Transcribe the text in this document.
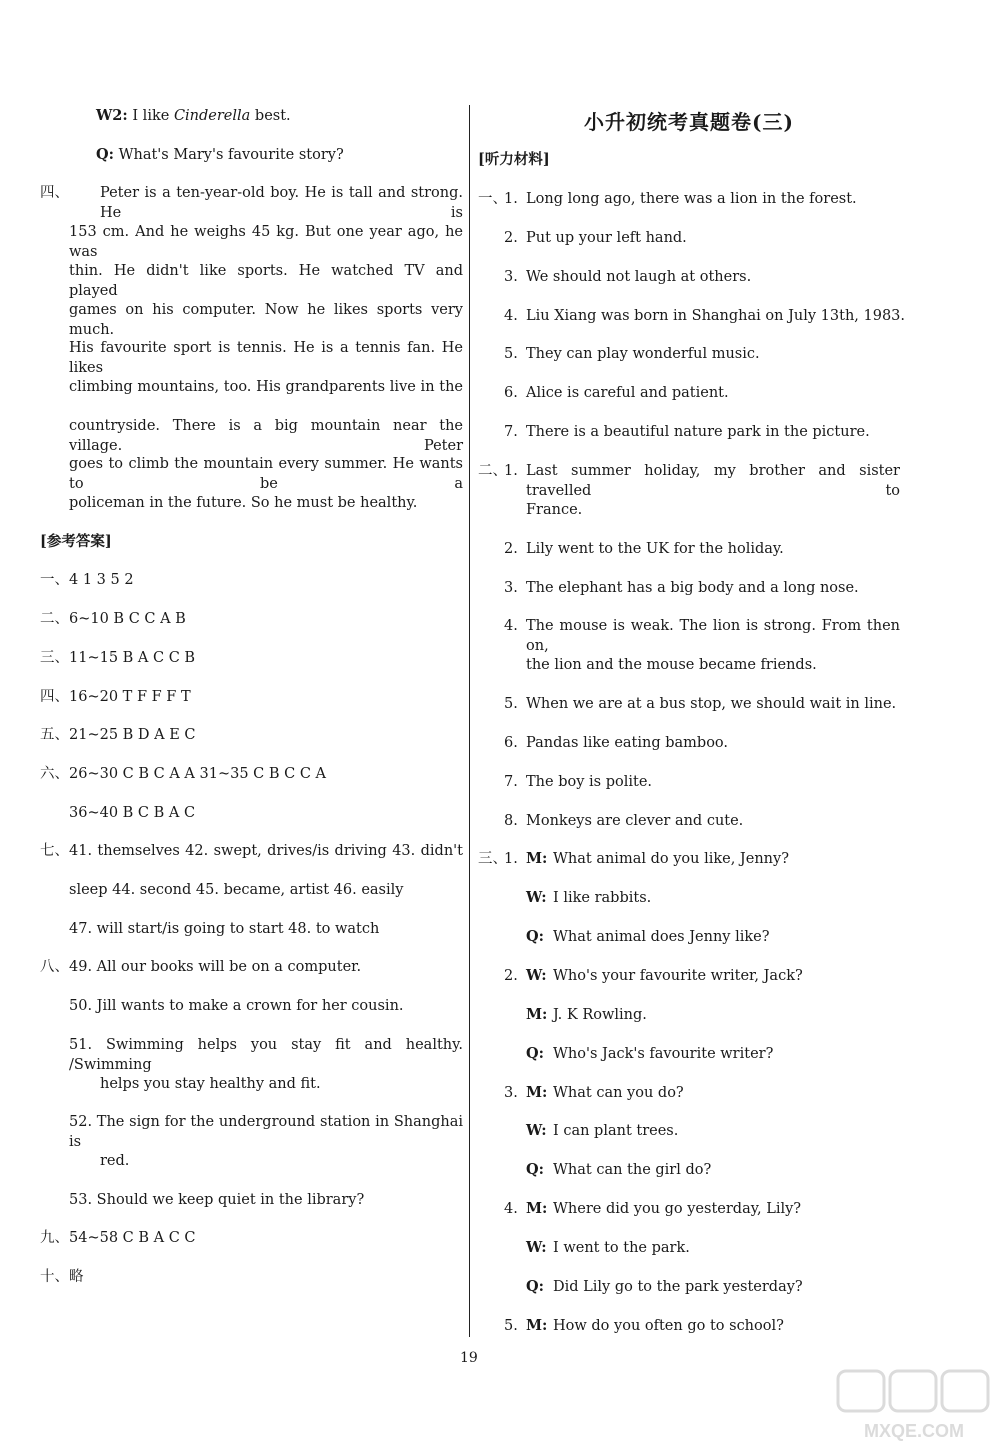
W2: I like Cinderella best.
Q: What's Mary's favourite story?
四、 Peter is a ten-year-old boy. He is tall and strong. He is
153 cm. And he weighs 45 kg. But one year ago, he was
thin. He didn't like sports. He watched TV and played
games on his computer. Now he likes sports very much.
His favourite sport is tennis. He is a tennis fan. He likes
climbing mountains, too. His grandparents live in the
countryside. There is a big mountain near the village. Peter
goes to climb the mountain every summer. He wants to be a
policeman in the future. So he must be healthy.
[参考答案]
一、 4 1 3 5 2
二、 6~10 B C C A B
三、 11~15 B A C C B
四、 16~20 T F F F T
五、 21~25 B D A E C
六、 26~30 C B C A A 31~35 C B C C A
36~40 B C B A C
七、 41. themselves 42. swept, drives/is driving 43. didn't
sleep 44. second 45. became, artist 46. easily
47. will start/is going to start 48. to watch
八、 49. All our books will be on a computer.
50. Jill wants to make a crown for her cousin.
51. Swimming helps you stay fit and healthy. /Swimming
helps you stay healthy and fit.
52. The sign for the underground station in Shanghai is
red.
53. Should we keep quiet in the library?
九、 54~58 C B A C C
十、 略
小升初统考真题卷(三)
[听力材料]
一、
1. Long long ago, there was a lion in the forest.
2. Put up your left hand.
3. We should not laugh at others.
4. Liu Xiang was born in Shanghai on July 13th, 1983.
5. They can play wonderful music.
6. Alice is careful and patient.
7. There is a beautiful nature park in the picture.
二、
1. Last summer holiday, my brother and sister travelled to
France.
2. Lily went to the UK for the holiday.
3. The elephant has a big body and a long nose.
4. The mouse is weak. The lion is strong. From then on,
the lion and the mouse became friends.
5. When we are at a bus stop, we should wait in line.
6. Pandas like eating bamboo.
7. The boy is polite.
8. Monkeys are clever and cute.
三、
1. M: What animal do you like, Jenny?
W: I like rabbits.
Q: What animal does Jenny like?
2. W: Who's your favourite writer, Jack?
M: J. K Rowling.
Q: Who's Jack's favourite writer?
3. M: What can you do?
W: I can plant trees.
Q: What can the girl do?
4. M: Where did you go yesterday, Lily?
W: I went to the park.
Q: Did Lily go to the park yesterday?
5. M: How do you often go to school?
19
MXQE.COM
